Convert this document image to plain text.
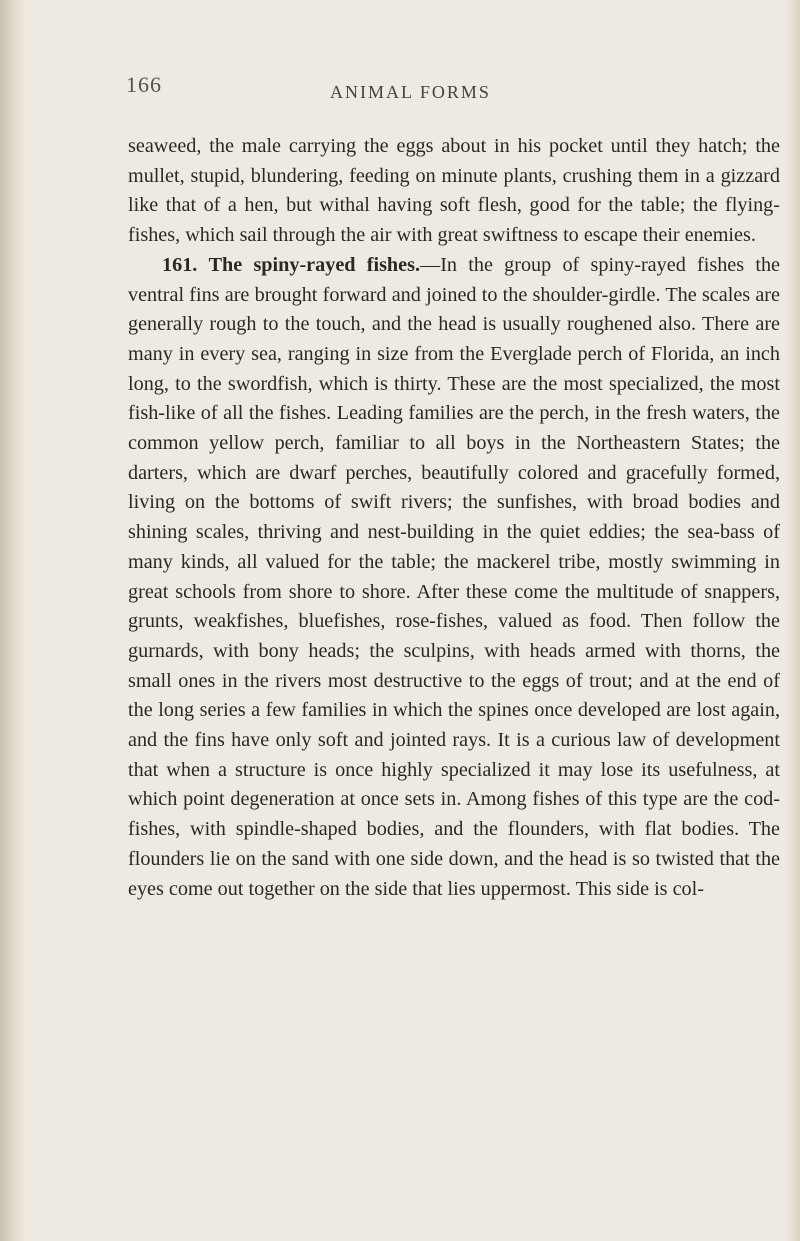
166	ANIMAL FORMS

seaweed, the male carrying the eggs about in his pocket until they hatch; the mullet, stupid, blundering, feeding on minute plants, crushing them in a gizzard like that of a hen, but withal having soft flesh, good for the table; the flying-fishes, which sail through the air with great swiftness to escape their enemies.

161. The spiny-rayed fishes.—In the group of spiny-rayed fishes the ventral fins are brought forward and joined to the shoulder-girdle. The scales are generally rough to the touch, and the head is usually roughened also. There are many in every sea, ranging in size from the Everglade perch of Florida, an inch long, to the swordfish, which is thirty. These are the most specialized, the most fish-like of all the fishes. Leading families are the perch, in the fresh waters, the common yellow perch, familiar to all boys in the Northeastern States; the darters, which are dwarf perches, beautifully colored and gracefully formed, living on the bottoms of swift rivers; the sunfishes, with broad bodies and shining scales, thriving and nest-building in the quiet eddies; the sea-bass of many kinds, all valued for the table; the mackerel tribe, mostly swimming in great schools from shore to shore. After these come the multitude of snappers, grunts, weakfishes, bluefishes, rose-fishes, valued as food. Then follow the gurnards, with bony heads; the sculpins, with heads armed with thorns, the small ones in the rivers most destructive to the eggs of trout; and at the end of the long series a few families in which the spines once developed are lost again, and the fins have only soft and jointed rays. It is a curious law of development that when a structure is once highly specialized it may lose its usefulness, at which point degeneration at once sets in. Among fishes of this type are the cod-fishes, with spindle-shaped bodies, and the flounders, with flat bodies. The flounders lie on the sand with one side down, and the head is so twisted that the eyes come out together on the side that lies uppermost. This side is col-
